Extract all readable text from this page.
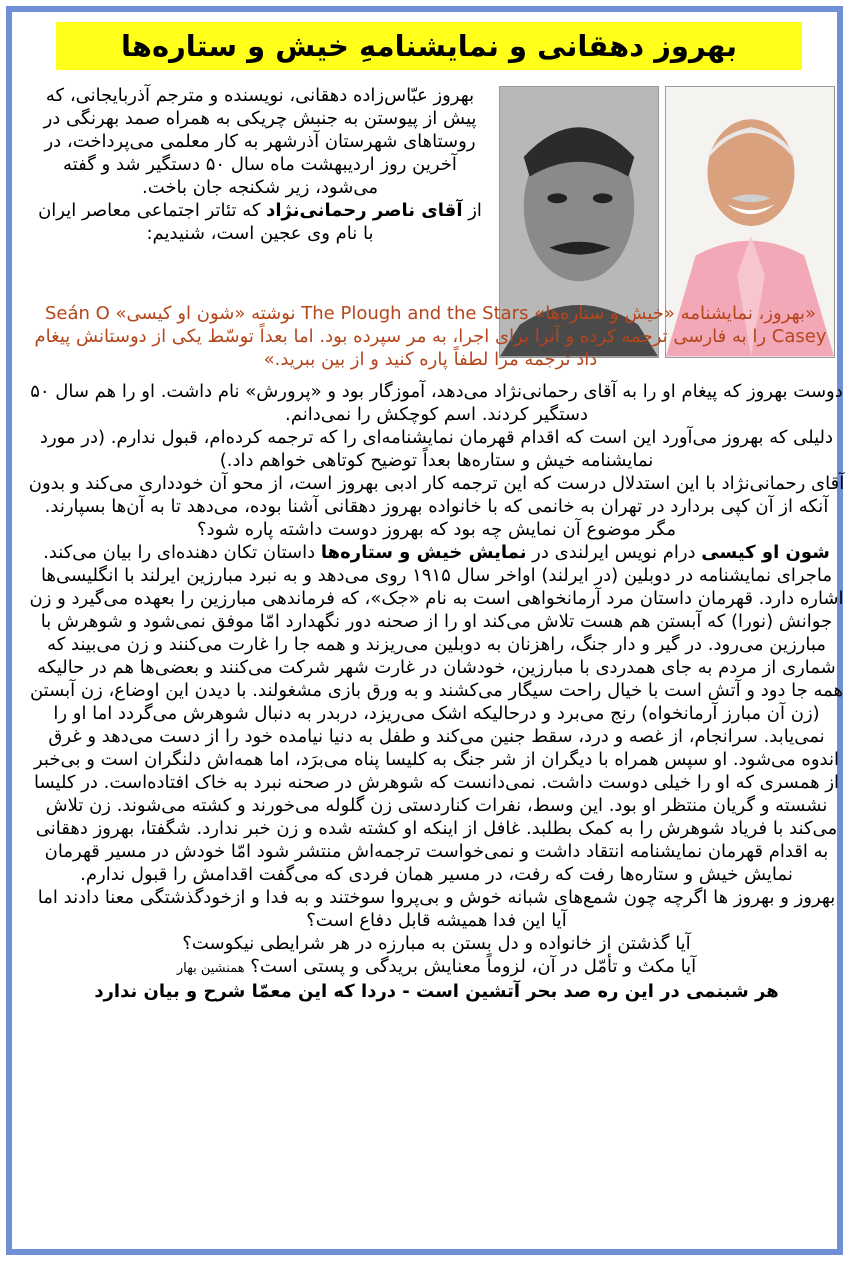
بهروز دهقانی و نمایشنامهِ خیش و ستاره‌ها

بهروز عبّاس‌زاده دهقانی، نویسنده و مترجم آذربایجانی، که پیش از پیوستن به جنبش چریکی به همراه صمد بهرنگی در روستاهای شهرستان آذرشهر به کار معلمی می‌پرداخت، در آخرین روز اردیبهشت ماه سال ۵۰ دستگیر شد و گفته می‌شود، زیر شکنجه جان باخت.

از آقای ناصر رحمانی‌نژاد که تئاتر اجتماعی معاصر ایران با نام وی عجین است، شنیدیم:

«بهروز، نمایشنامه «خیش و ستاره‌ها» The Plough and the Stars نوشته «شون او کیسی» Seán O Casey را به فارسی ترجمه کرده و آنرا برای اجرا، به مر سپرده بود. اما بعداً توسّط یکی از دوستانش پیغام داد ترجمه مرا لطفاً پاره کنید و از بین ببرید.»

دوست بهروز که پیغام او را به آقای رحمانی‌نژاد می‌دهد، آموزگار بود و «پرورش» نام داشت. او را هم سال ۵۰ دستگیر کردند. اسم کوچکش را نمی‌دانم.

دلیلی که بهروز می‌آورد این است که اقدام قهرمان نمایشنامه‌ای را که ترجمه کرده‌ام، قبول ندارم. (در مورد نمایشنامه خیش و ستاره‌ها بعداً توضیح کوتاهی خواهم داد.)

آقای رحمانی‌نژاد با این استدلال درست که این ترجمه کار ادبی بهروز است، از محو آن خودداری می‌کند و بدون آنکه از آن کپی بردارد در تهران به خانمی که با خانواده بهروز دهقانی آشنا بوده، می‌دهد تا به آن‌ها بسپارند.

مگر موضوع آن نمایش چه بود که بهروز دوست داشته پاره شود؟

شون او کیسی درام نویس ایرلندی در نمایش خیش و ستاره‌ها داستان تکان دهنده‌ای را بیان می‌کند. ماجرای نمایشنامه در دوبلین (در ایرلند) اواخر سال ۱۹۱۵ روی می‌دهد و به نبرد مبارزین ایرلند با انگلیسی‌ها اشاره دارد. قهرمان داستان مرد آرمانخواهی است به نام «جک»، که فرماندهی مبارزین را بعهده می‌گیرد و زن جوانش (نورا) که آبستن هم هست تلاش می‌کند او را از صحنه دور نگهدارد امّا موفق نمی‌شود و شوهرش با مبارزین می‌رود. در گیر و دار جنگ، راهزنان به دوبلین می‌ریزند و همه جا را غارت می‌کنند و زن می‌بیند که شماری از مردم به جای همدردی با مبارزین، خودشان در غارت شهر شرکت می‌کنند و بعضی‌ها هم در حالیکه همه جا دود و آتش است با خیال راحت سیگار می‌کشند و به ورق بازی مشغولند. با دیدن این اوضاع، زن آبستن (زن آن مبارز آرمانخواه) رنج می‌برد و درحالیکه اشک می‌ریزد، دربدر به دنبال شوهرش می‌گردد اما او را نمی‌یابد. سرانجام، از غصه و درد، سقط جنین می‌کند و طفل به دنیا نیامده خود را از دست می‌دهد و غرق اندوه می‌شود. او سپس همراه با دیگران از شر جنگ به کلیسا پناه می‌برَد، اما همه‌اش دلنگران است و بی‌خبر از همسری که او را خیلی دوست داشت. نمی‌دانست که شوهرش در صحنه نبرد به خاک افتاده‌است. در کلیسا نشسته و گریان منتظر او بود. این وسط، نفرات کناردستی زن گلوله می‌خورند و کشته می‌شوند. زن تلاش می‌کند با فریاد شوهرش را به کمک بطلبد. غافل از اینکه او کشته شده و زن خبر ندارد. شگفتا، بهروز دهقانی به اقدام قهرمان نمایشنامه انتقاد داشت و نمی‌خواست ترجمه‌اش منتشر شود امّا خودش در مسیر قهرمان نمایش خیش و ستاره‌ها رفت که رفت، در مسیر همان فردی که می‌گفت اقدامش را قبول ندارم.

بهروز و بهروز ها اگرچه چون شمع‌های شبانه خوش و بی‌پروا سوختند و به فدا و ازخودگذشتگی معنا دادند اما آیا این فدا همیشه قابل دفاع است؟

آیا گذشتن از خانواده و دل بستن به مبارزه در هر شرایطی نیکوست؟

آیا مکث و تأمّل در آن، لزوماً معنایش بریدگی و پستی است؟ همنشین بهار

هر شبنمی در این ره صد بحر آتشین است - دردا که این معمّا شرح و بیان ندارد
